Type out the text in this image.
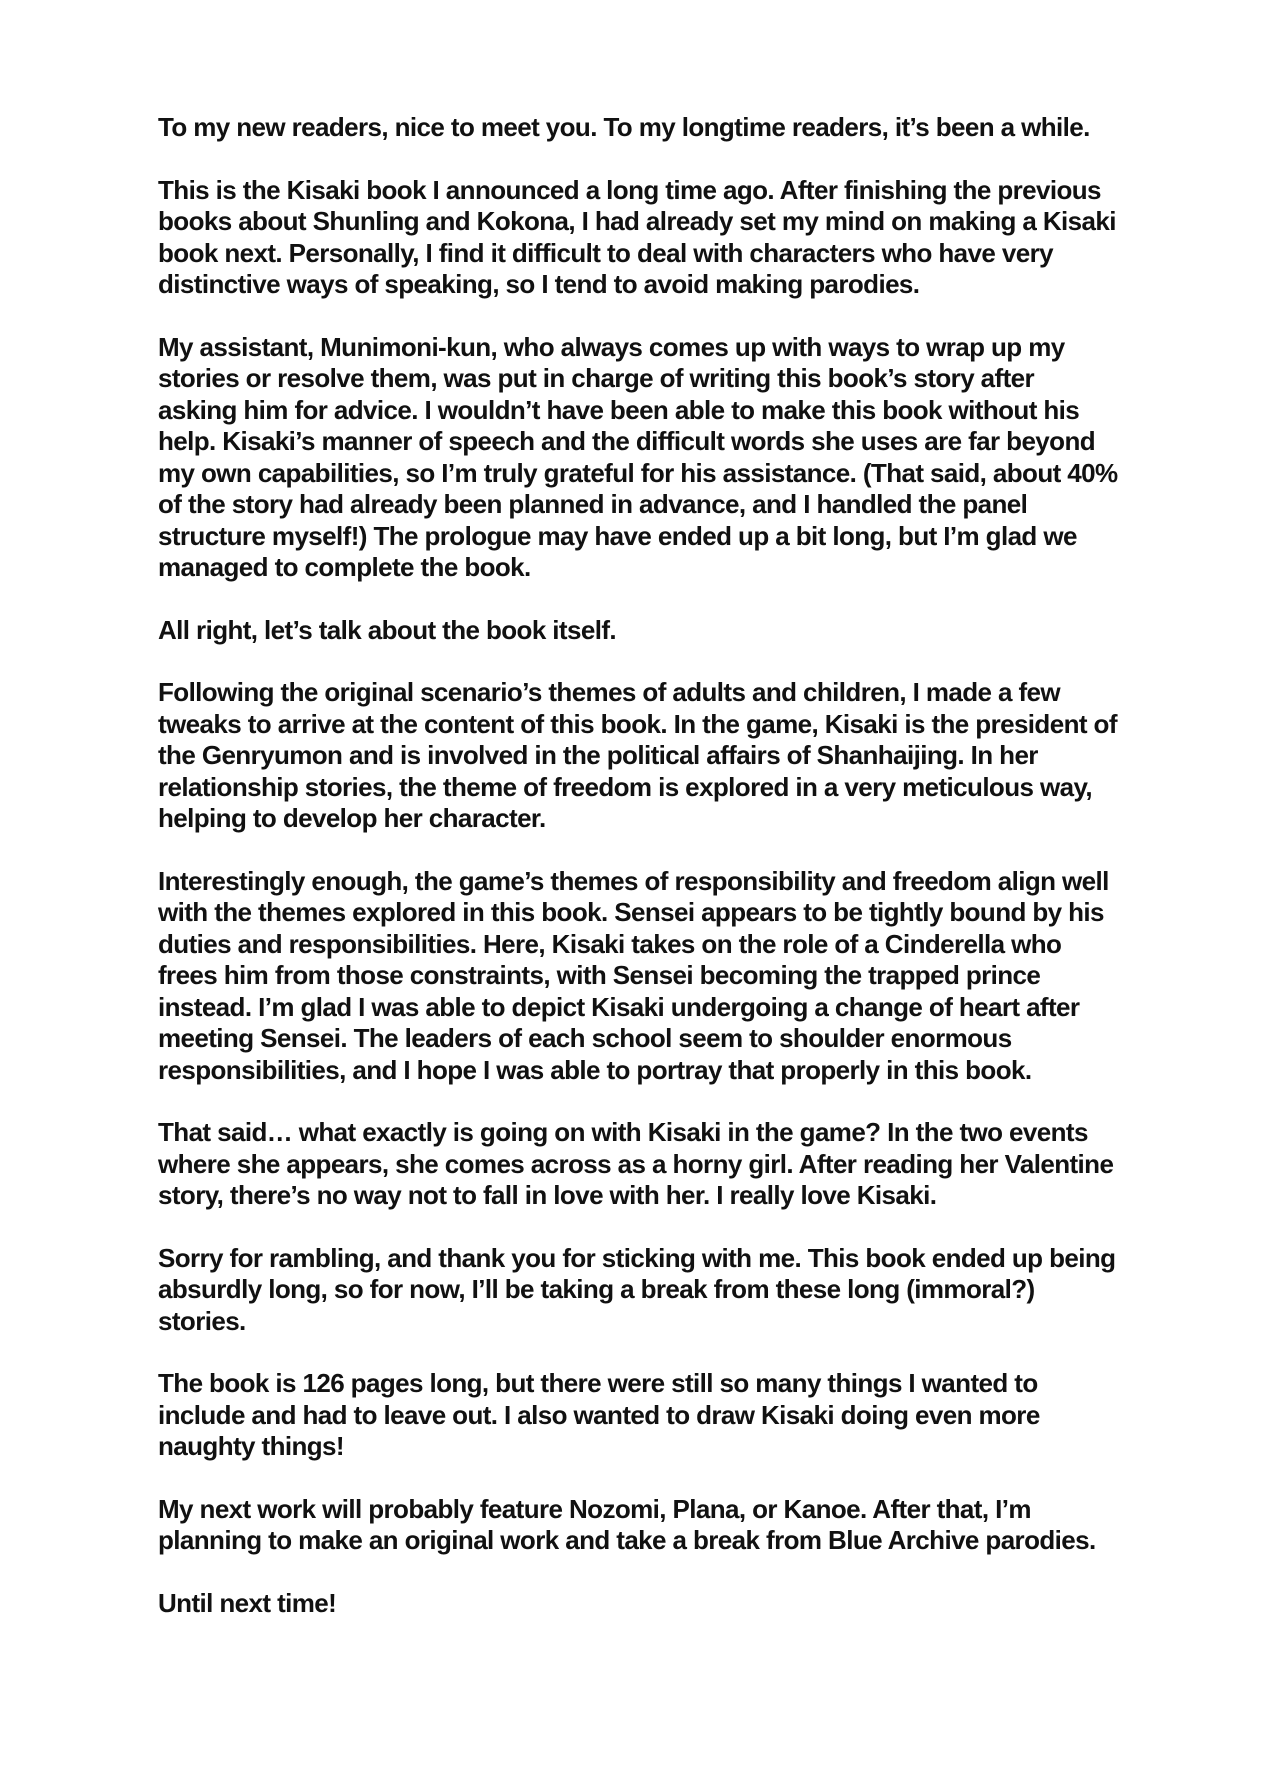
To my new readers, nice to meet you. To my longtime readers, it’s been a while.

This is the Kisaki book I announced a long time ago. After finishing the previous books about Shunling and Kokona, I had already set my mind on making a Kisaki book next. Personally, I find it difficult to deal with characters who have very distinctive ways of speaking, so I tend to avoid making parodies.

My assistant, Munimoni-kun, who always comes up with ways to wrap up my stories or resolve them, was put in charge of writing this book’s story after asking him for advice. I wouldn’t have been able to make this book without his help. Kisaki’s manner of speech and the difficult words she uses are far beyond my own capabilities, so I’m truly grateful for his assistance. (That said, about 40% of the story had already been planned in advance, and I handled the panel structure myself!) The prologue may have ended up a bit long, but I’m glad we managed to complete the book.

All right, let’s talk about the book itself.

Following the original scenario’s themes of adults and children, I made a few tweaks to arrive at the content of this book. In the game, Kisaki is the president of the Genryumon and is involved in the political affairs of Shanhaijing. In her relationship stories, the theme of freedom is explored in a very meticulous way, helping to develop her character.

Interestingly enough, the game’s themes of responsibility and freedom align well with the themes explored in this book. Sensei appears to be tightly bound by his duties and responsibilities. Here, Kisaki takes on the role of a Cinderella who frees him from those constraints, with Sensei becoming the trapped prince instead. I’m glad I was able to depict Kisaki undergoing a change of heart after meeting Sensei. The leaders of each school seem to shoulder enormous responsibilities, and I hope I was able to portray that properly in this book.

That said… what exactly is going on with Kisaki in the game? In the two events where she appears, she comes across as a horny girl. After reading her Valentine story, there’s no way not to fall in love with her. I really love Kisaki.

Sorry for rambling, and thank you for sticking with me. This book ended up being absurdly long, so for now, I’ll be taking a break from these long (immoral?) stories.

The book is 126 pages long, but there were still so many things I wanted to include and had to leave out. I also wanted to draw Kisaki doing even more naughty things!

My next work will probably feature Nozomi, Plana, or Kanoe. After that, I’m planning to make an original work and take a break from Blue Archive parodies.

Until next time!
